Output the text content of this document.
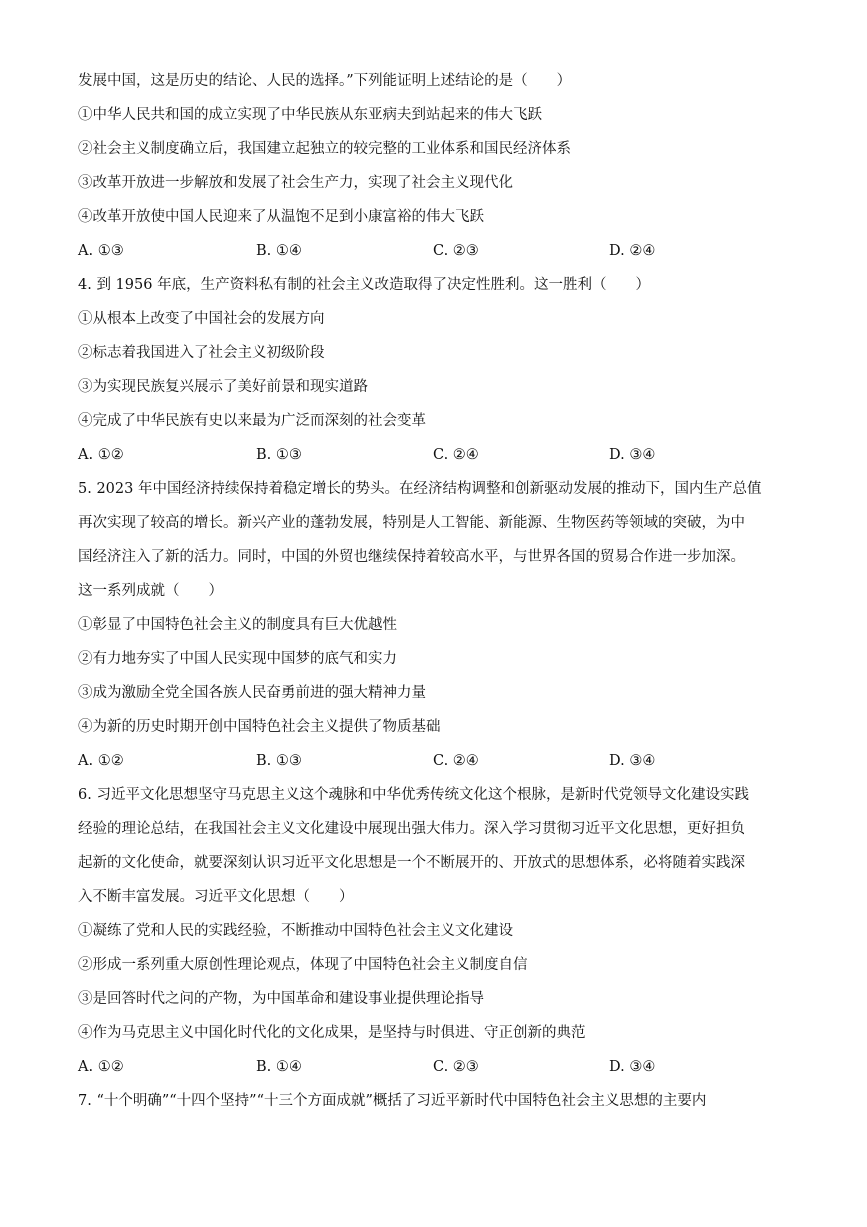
发展中国，这是历史的结论、人民的选择。”下列能证明上述结论的是（　　）
①中华人民共和国的成立实现了中华民族从东亚病夫到站起来的伟大飞跃
②社会主义制度确立后，我国建立起独立的较完整的工业体系和国民经济体系
③改革开放进一步解放和发展了社会生产力，实现了社会主义现代化
④改革开放使中国人民迎来了从温饱不足到小康富裕的伟大飞跃
A. ①③	B. ①④	C. ②③	D. ②④
4. 到 1956 年底，生产资料私有制的社会主义改造取得了决定性胜利。这一胜利（　　）
①从根本上改变了中国社会的发展方向
②标志着我国进入了社会主义初级阶段
③为实现民族复兴展示了美好前景和现实道路
④完成了中华民族有史以来最为广泛而深刻的社会变革
A. ①②	B. ①③	C. ②④	D. ③④
5. 2023 年中国经济持续保持着稳定增长的势头。在经济结构调整和创新驱动发展的推动下，国内生产总值
再次实现了较高的增长。新兴产业的蓬勃发展，特别是人工智能、新能源、生物医药等领域的突破，为中
国经济注入了新的活力。同时，中国的外贸也继续保持着较高水平，与世界各国的贸易合作进一步加深。
这一系列成就（　　）
①彰显了中国特色社会主义的制度具有巨大优越性
②有力地夯实了中国人民实现中国梦的底气和实力
③成为激励全党全国各族人民奋勇前进的强大精神力量
④为新的历史时期开创中国特色社会主义提供了物质基础
A. ①②	B. ①③	C. ②④	D. ③④
6. 习近平文化思想坚守马克思主义这个魂脉和中华优秀传统文化这个根脉，是新时代党领导文化建设实践
经验的理论总结，在我国社会主义文化建设中展现出强大伟力。深入学习贯彻习近平文化思想，更好担负
起新的文化使命，就要深刻认识习近平文化思想是一个不断展开的、开放式的思想体系，必将随着实践深
入不断丰富发展。习近平文化思想（　　）
①凝练了党和人民的实践经验，不断推动中国特色社会主义文化建设
②形成一系列重大原创性理论观点，体现了中国特色社会主义制度自信
③是回答时代之问的产物，为中国革命和建设事业提供理论指导
④作为马克思主义中国化时代化的文化成果，是坚持与时俱进、守正创新的典范
A. ①②	B. ①④	C. ②③	D. ③④
7. “十个明确”“十四个坚持”“十三个方面成就”概括了习近平新时代中国特色社会主义思想的主要内
